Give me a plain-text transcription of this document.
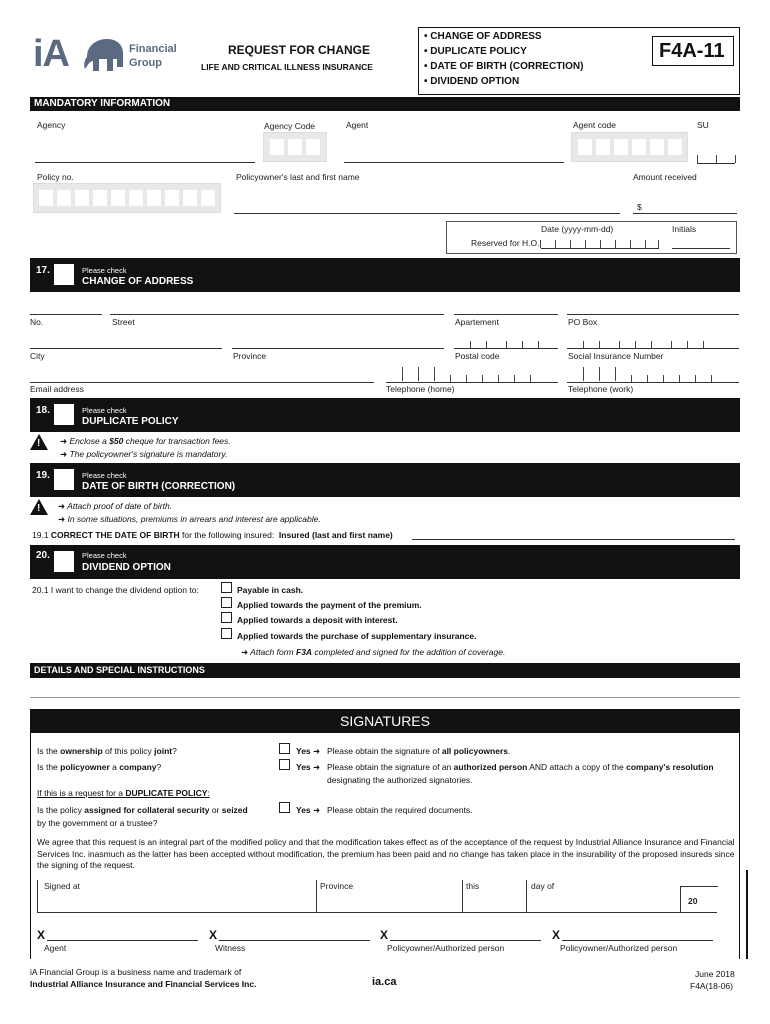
iA	Financial
Group
REQUEST FOR CHANGE
LIFE AND CRITICAL ILLNESS INSURANCE
• CHANGE OF ADDRESS
• DUPLICATE POLICY
• DATE OF BIRTH (CORRECTION)
• DIVIDEND OPTION
F4A-11
MANDATORY INFORMATION
Agency	Agency Code	Agent	Agent code	SU
Policy no.	Policyowner's last and first name	Amount received
$
Date (yyyy-mm-dd)	Initials
Reserved for H.O.
17.	Please check
CHANGE OF ADDRESS
No.	Street	Apartement	PO Box
City	Province	Postal code	Social Insurance Number
Email address	Telephone (home)	Telephone (work)
18.	Please check
DUPLICATE POLICY
! ➜ Enclose a $50 cheque for transaction fees.
➜ The policyowner's signature is mandatory.
19.	Please check
DATE OF BIRTH (CORRECTION)
! ➜ Attach proof of date of birth.
➜ In some situations, premiums in arrears and interest are applicable.
19.1 CORRECT THE DATE OF BIRTH for the following insured: Insured (last and first name)
20.	Please check
DIVIDEND OPTION
20.1 I want to change the dividend option to:	Payable in cash.
Applied towards the payment of the premium.
Applied towards a deposit with interest.
Applied towards the purchase of supplementary insurance.
➜ Attach form F3A completed and signed for the addition of coverage.
DETAILS AND SPECIAL INSTRUCTIONS
SIGNATURES
Is the ownership of this policy joint?	Yes ➜ Please obtain the signature of all policyowners.
Is the policyowner a company?	Yes ➜ Please obtain the signature of an authorized person AND attach a copy of the company's resolution
designating the authorized signatories.
If this is a request for a DUPLICATE POLICY:
Is the policy assigned for collateral security or seized
by the government or a trustee?
Yes ➜ Please obtain the required documents.
We agree that this request is an integral part of the modified policy and that the modification takes effect as of the acceptance of the request by Industrial Alliance Insurance and Financial Services Inc. inasmuch as the latter has been accepted without modification, the premium has been paid and no change has taken place in the insurability of the proposed insureds since the signing of the request.
Signed at	Province	this	day of
20
X
Agent
X
Witness
X
Policyowner/Authorized person
X
Policyowner/Authorized person
iA Financial Group is a business name and trademark of
Industrial Alliance Insurance and Financial Services Inc.	ia.ca
June 2018
F4A(18-06)
